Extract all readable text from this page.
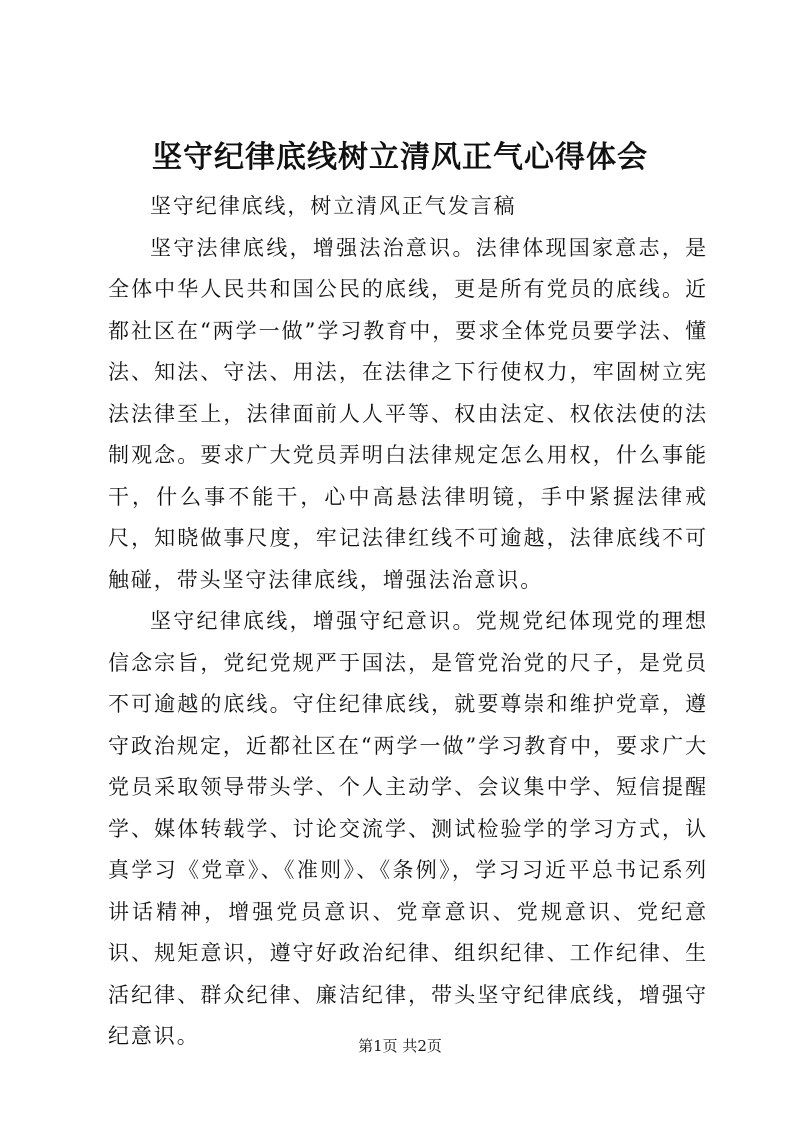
坚守纪律底线树立清风正气心得体会

坚守纪律底线，树立清风正气发言稿

坚守法律底线，增强法治意识。法律体现国家意志，是全体中华人民共和国公民的底线，更是所有党员的底线。近都社区在“两学一做”学习教育中，要求全体党员要学法、懂法、知法、守法、用法，在法律之下行使权力，牢固树立宪法法律至上，法律面前人人平等、权由法定、权依法使的法制观念。要求广大党员弄明白法律规定怎么用权，什么事能干，什么事不能干，心中高悬法律明镜，手中紧握法律戒尺，知晓做事尺度，牢记法律红线不可逾越，法律底线不可触碰，带头坚守法律底线，增强法治意识。

坚守纪律底线，增强守纪意识。党规党纪体现党的理想信念宗旨，党纪党规严于国法，是管党治党的尺子，是党员不可逾越的底线。守住纪律底线，就要尊崇和维护党章，遵守政治规定，近都社区在“两学一做”学习教育中，要求广大党员采取领导带头学、个人主动学、会议集中学、短信提醒学、媒体转载学、讨论交流学、测试检验学的学习方式，认真学习《党章》、《准则》、《条例》，学习习近平总书记系列讲话精神，增强党员意识、党章意识、党规意识、党纪意识、规矩意识，遵守好政治纪律、组织纪律、工作纪律、生活纪律、群众纪律、廉洁纪律，带头坚守纪律底线，增强守纪意识。	第1页 共2页
